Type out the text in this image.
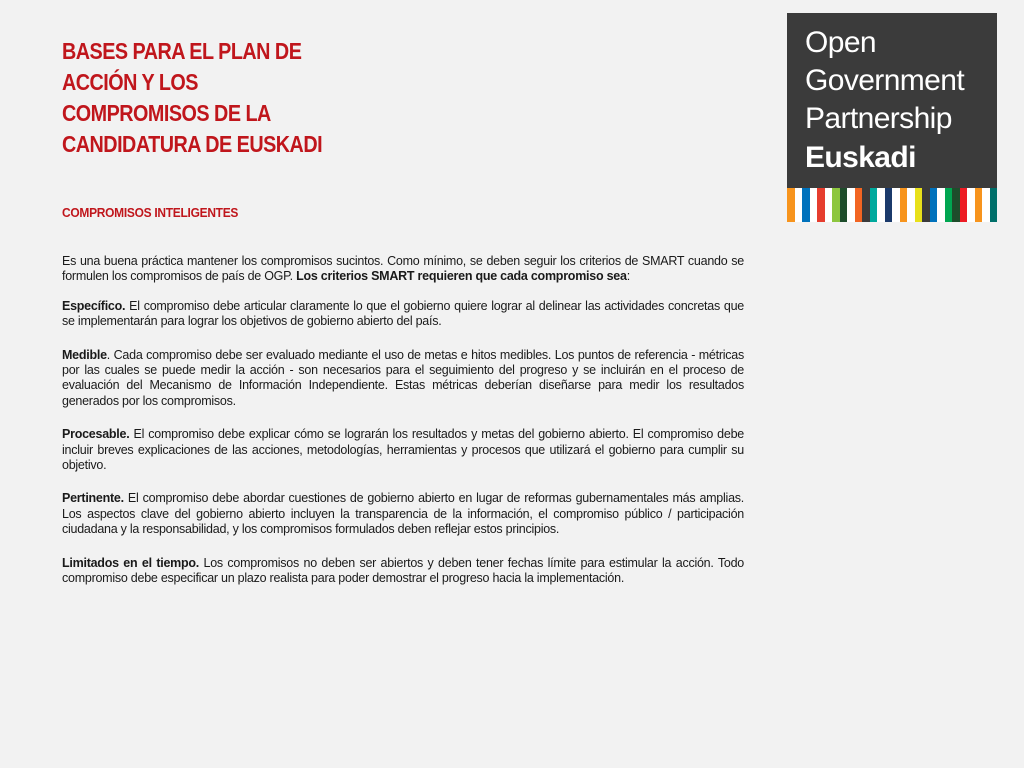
BASES PARA EL PLAN DE ACCIÓN Y LOS COMPROMISOS DE LA CANDIDATURA DE EUSKADI
COMPROMISOS INTELIGENTES

Es una buena práctica mantener los compromisos sucintos. Como mínimo, se deben seguir los criterios de SMART cuando se formulen los compromisos de país de OGP. Los criterios SMART requieren que cada compromiso sea:

Específico. El compromiso debe articular claramente lo que el gobierno quiere lograr al delinear las actividades concretas que se implementarán para lograr los objetivos de gobierno abierto del país.

Medible. Cada compromiso debe ser evaluado mediante el uso de metas e hitos medibles. Los puntos de referencia - métricas por las cuales se puede medir la acción - son necesarios para el seguimiento del progreso y se incluirán en el proceso de evaluación del Mecanismo de Información Independiente. Estas métricas deberían diseñarse para medir los resultados generados por los compromisos.

Procesable. El compromiso debe explicar cómo se lograrán los resultados y metas del gobierno abierto. El compromiso debe incluir breves explicaciones de las acciones, metodologías, herramientas y procesos que utilizará el gobierno para cumplir su objetivo.

Pertinente. El compromiso debe abordar cuestiones de gobierno abierto en lugar de reformas gubernamentales más amplias. Los aspectos clave del gobierno abierto incluyen la transparencia de la información, el compromiso público / participación ciudadana y la responsabilidad, y los compromisos formulados deben reflejar estos principios.

Limitados en el tiempo. Los compromisos no deben ser abiertos y deben tener fechas límite para estimular la acción. Todo compromiso debe especificar un plazo realista para poder demostrar el progreso hacia la implementación.

Open
Government
Partnership
Euskadi
